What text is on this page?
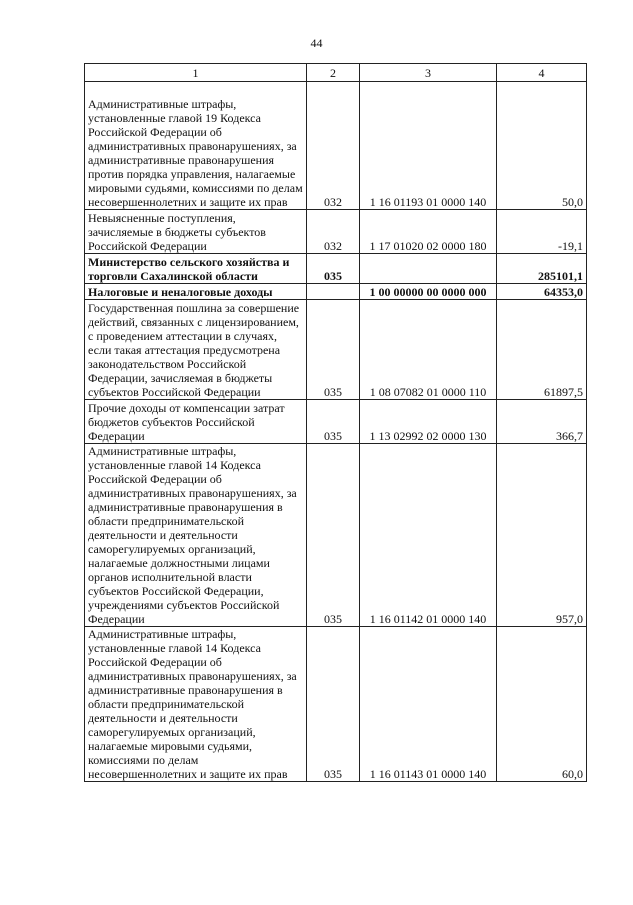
44
1	2	3	4
Административные штрафы, установленные главой 19 Кодекса Российской Федерации об административных правонарушениях, за административные правонарушения против порядка управления, налагаемые мировыми судьями, комиссиями по делам несовершеннолетних и защите их прав	032	1 16 01193 01 0000 140	50,0
Невыясненные поступления, зачисляемые в бюджеты субъектов Российской Федерации	032	1 17 01020 02 0000 180	-19,1
Министерство сельского хозяйства и торговли Сахалинской области	035		285101,1
Налоговые и неналоговые доходы		1 00 00000 00 0000 000	64353,0
Государственная пошлина за совершение действий, связанных с лицензированием, с проведением аттестации в случаях, если такая аттестация предусмотрена законодательством Российской Федерации, зачисляемая в бюджеты субъектов Российской Федерации	035	1 08 07082 01 0000 110	61897,5
Прочие доходы от компенсации затрат бюджетов субъектов Российской Федерации	035	1 13 02992 02 0000 130	366,7
Административные штрафы, установленные главой 14 Кодекса Российской Федерации об административных правонарушениях, за административные правонарушения в области предпринимательской деятельности и деятельности саморегулируемых организаций, налагаемые должностными лицами органов исполнительной власти субъектов Российской Федерации, учреждениями субъектов Российской Федерации	035	1 16 01142 01 0000 140	957,0
Административные штрафы, установленные главой 14 Кодекса Российской Федерации об административных правонарушениях, за административные правонарушения в области предпринимательской деятельности и деятельности саморегулируемых организаций, налагаемые мировыми судьями, комиссиями по делам несовершеннолетних и защите их прав	035	1 16 01143 01 0000 140	60,0
